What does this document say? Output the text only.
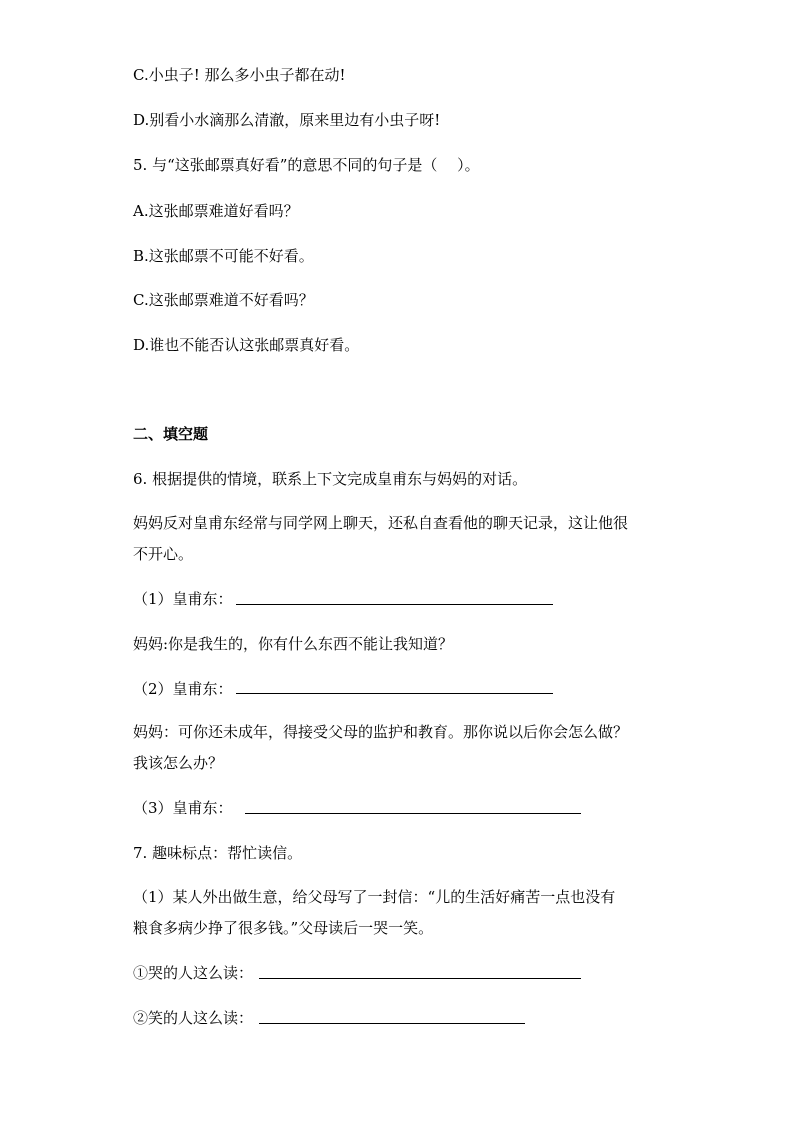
C.小虫子! 那么多小虫子都在动!
D.别看小水滴那么清澈，原来里边有小虫子呀!
5. 与“这张邮票真好看”的意思不同的句子是（　 ）。
A.这张邮票难道好看吗？
B.这张邮票不可能不好看。
C.这张邮票难道不好看吗？
D.谁也不能否认这张邮票真好看。
二、填空题
6. 根据提供的情境，联系上下文完成皇甫东与妈妈的对话。
妈妈反对皇甫东经常与同学网上聊天，还私自查看他的聊天记录，这让他很
不开心。
（1）皇甫东：
妈妈:你是我生的，你有什么东西不能让我知道？
（2）皇甫东：
妈妈：可你还未成年，得接受父母的监护和教育。那你说以后你会怎么做？
我该怎么办？
（3）皇甫东：
7. 趣味标点：帮忙读信。
（1）某人外出做生意，给父母写了一封信：“儿的生活好痛苦一点也没有
粮食多病少挣了很多钱。”父母读后一哭一笑。
①哭的人这么读：
②笑的人这么读：
